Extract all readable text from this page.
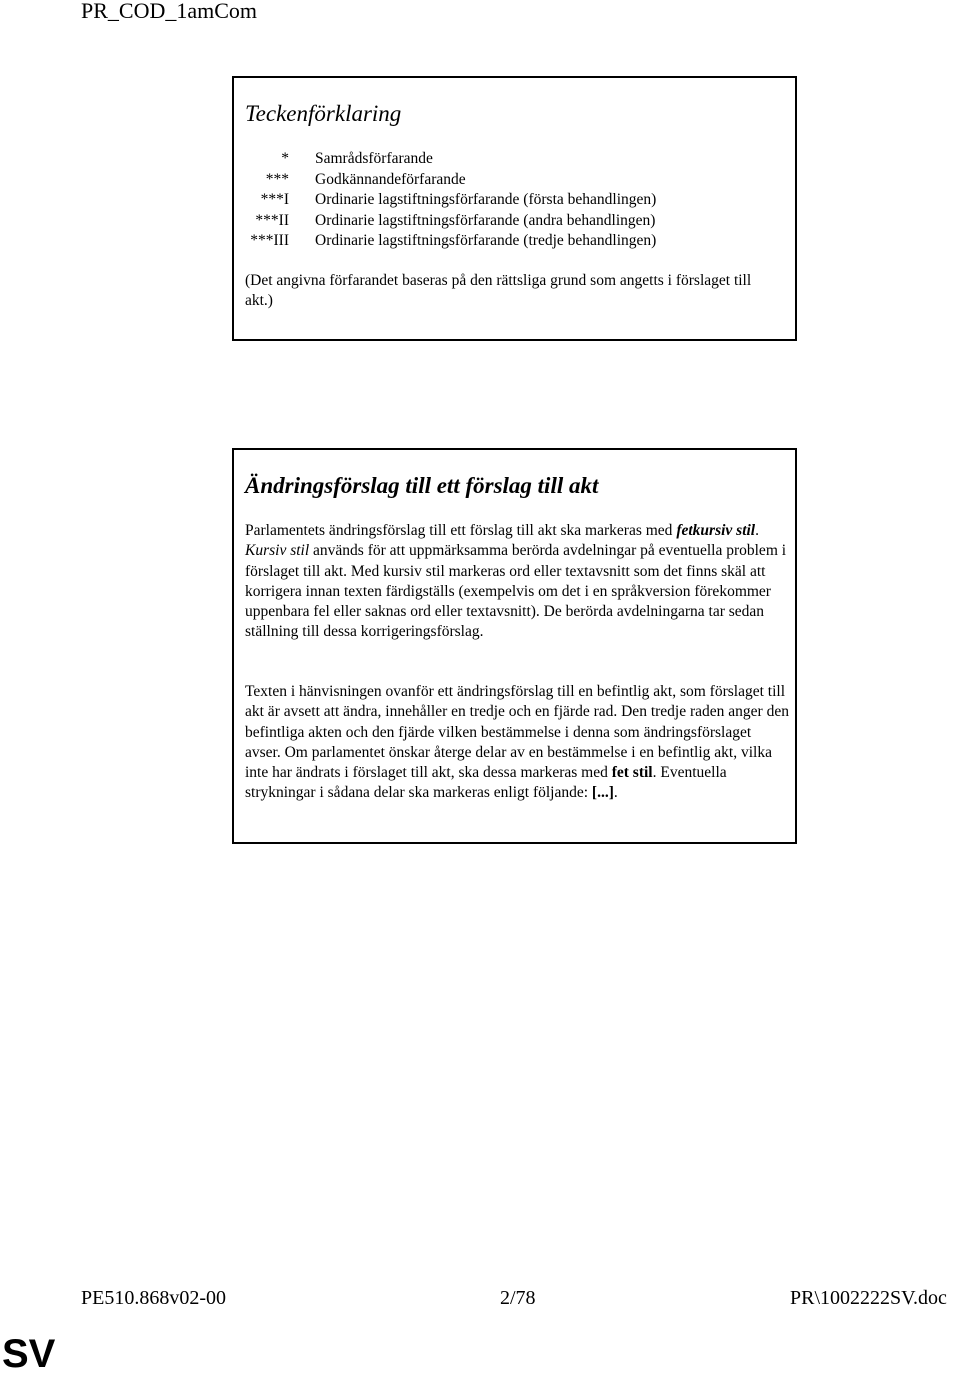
PR_COD_1amCom
Teckenförklaring
*	Samrådsförfarande
***	Godkännandeförfarande
***I	Ordinarie lagstiftningsförfarande (första behandlingen)
***II	Ordinarie lagstiftningsförfarande (andra behandlingen)
***III	Ordinarie lagstiftningsförfarande (tredje behandlingen)

(Det angivna förfarandet baseras på den rättsliga grund som angetts i förslaget till akt.)

Ändringsförslag till ett förslag till akt

Parlamentets ändringsförslag till ett förslag till akt ska markeras med fetkursiv stil. Kursiv stil används för att uppmärksamma berörda avdelningar på eventuella problem i förslaget till akt. Med kursiv stil markeras ord eller textavsnitt som det finns skäl att korrigera innan texten färdigställs (exempelvis om det i en språkversion förekommer uppenbara fel eller saknas ord eller textavsnitt). De berörda avdelningarna tar sedan ställning till dessa korrigeringsförslag.

Texten i hänvisningen ovanför ett ändringsförslag till en befintlig akt, som förslaget till akt är avsett att ändra, innehåller en tredje och en fjärde rad. Den tredje raden anger den befintliga akten och den fjärde vilken bestämmelse i denna som ändringsförslaget avser. Om parlamentet önskar återge delar av en bestämmelse i en befintlig akt, vilka inte har ändrats i förslaget till akt, ska dessa markeras med fet stil. Eventuella strykningar i sådana delar ska markeras enligt följande: [...].

PE510.868v02-00	2/78	PR\1002222SV.doc
SV
